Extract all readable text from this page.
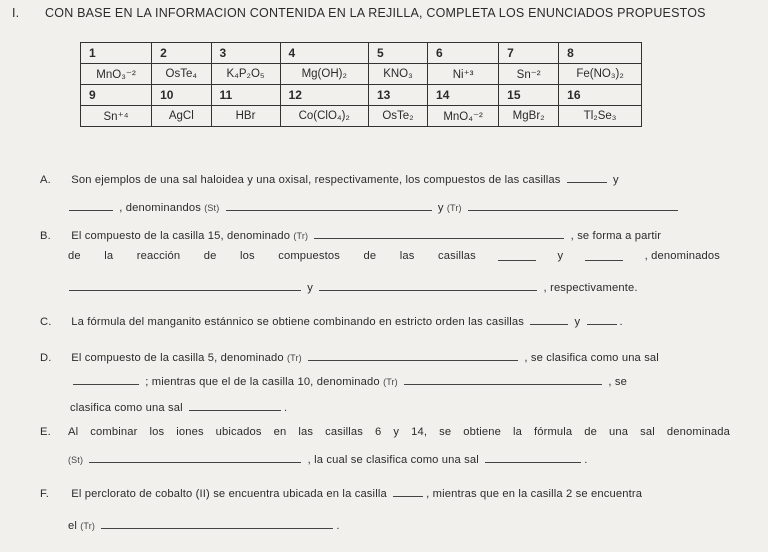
I. CON BASE EN LA INFORMACION CONTENIDA EN LA REJILLA, COMPLETA LOS ENUNCIADOS PROPUESTOS
1	2	3	4	5	6	7	8
MnO₃⁻²	OsTe₄	K₄P₂O₅	Mg(OH)₂	KNO₃	Ni⁺³	Sn⁻²	Fe(NO₃)₂
9	10	11	12	13	14	15	16
Sn⁺⁴	AgCl	HBr	Co(ClO₄)₂	OsTe₂	MnO₄⁻²	MgBr₂	Tl₂Se₃
A. Son ejemplos de una sal haloidea y una oxisal, respectivamente, los compuestos de las casillas	y
, denominandos (St)	y (Tr)
B. El compuesto de la casilla 15, denominado (Tr)	, se forma a partir
de la reacción de los compuestos de las casillas	y	, denominados
y	, respectivamente.
C. La fórmula del manganito estánnico se obtiene combinando en estricto orden las casillas	y	.
D. El compuesto de la casilla 5, denominado (Tr)	, se clasifica como una sal
; mientras que el de la casilla 10, denominado (Tr)	, se
clasifica como una sal	.
E.	Al combinar los iones ubicados en las casillas 6 y 14, se obtiene la fórmula de una sal denominada
(St)	, la cual se clasifica como una sal	.
F. El perclorato de cobalto (II) se encuentra ubicada en la casilla	, mientras que en la casilla 2 se encuentra
el (Tr)	.
